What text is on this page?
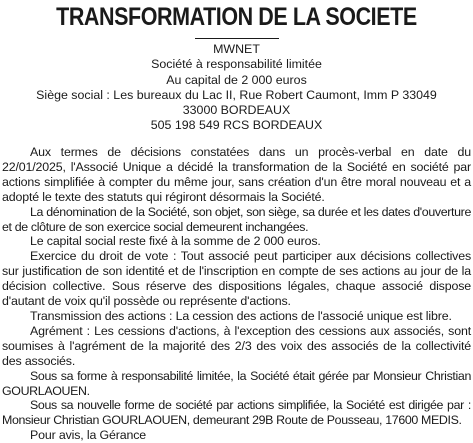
TRANSFORMATION DE LA SOCIETE
MWNET
Société à responsabilité limitée
Au capital de 2 000 euros
Siège social : Les bureaux du Lac II, Rue Robert Caumont, Imm P 33049
33000 BORDEAUX
505 198 549 RCS BORDEAUX

Aux termes de décisions constatées dans un procès-verbal en date du 22/01/2025, l'Associé Unique a décidé la transformation de la Société en société par actions simplifiée à compter du même jour, sans création d'un être moral nouveau et a adopté le texte des statuts qui régiront désormais la Société.

La dénomination de la Société, son objet, son siège, sa durée et les dates d'ouverture et de clôture de son exercice social demeurent inchangées.

Le capital social reste fixé à la somme de 2 000 euros.

Exercice du droit de vote : Tout associé peut participer aux décisions collectives sur justification de son identité et de l'inscription en compte de ses actions au jour de la décision collective. Sous réserve des dispositions légales, chaque associé dispose d'autant de voix qu'il possède ou représente d'actions.

Transmission des actions : La cession des actions de l'associé unique est libre.

Agrément : Les cessions d'actions, à l'exception des cessions aux associés, sont soumises à l'agrément de la majorité des 2/3 des voix des associés de la collectivité des associés.

Sous sa forme à responsabilité limitée, la Société était gérée par Monsieur Christian GOURLAOUEN.

Sous sa nouvelle forme de société par actions simplifiée, la Société est dirigée par : Monsieur Christian GOURLAOUEN, demeurant 29B Route de Pousseau, 17600 MEDIS.

Pour avis, la Gérance
